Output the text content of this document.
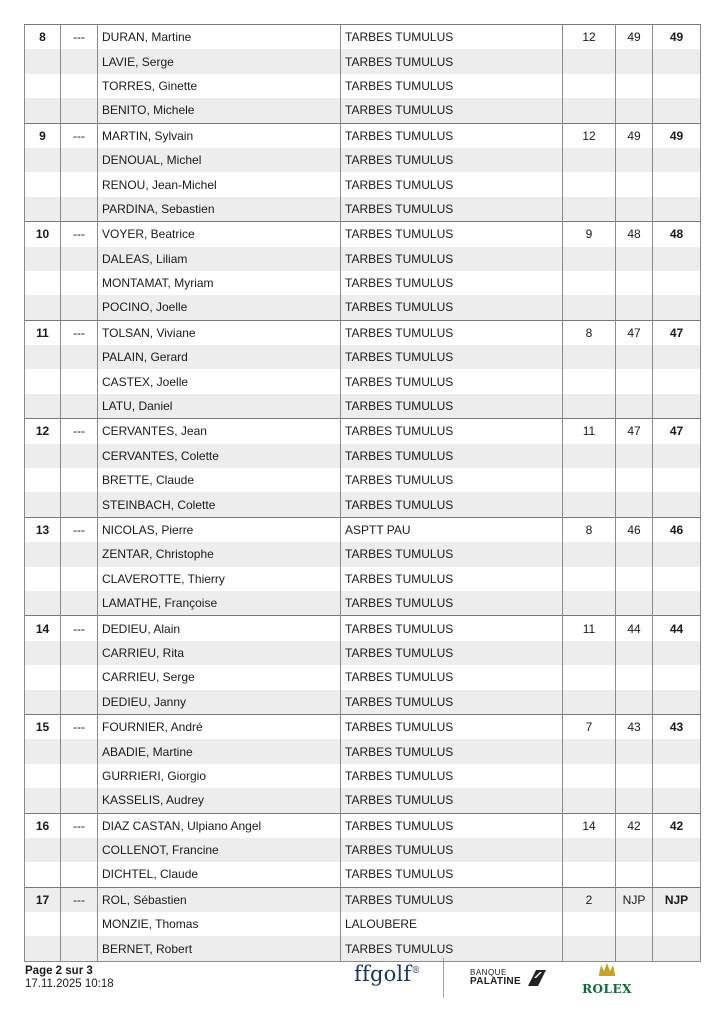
8	---	DURAN, Martine	TARBES TUMULUS	12	49	49
		LAVIE, Serge	TARBES TUMULUS			
		TORRES, Ginette	TARBES TUMULUS			
		BENITO, Michele	TARBES TUMULUS			
9	---	MARTIN, Sylvain	TARBES TUMULUS	12	49	49
		DENOUAL, Michel	TARBES TUMULUS			
		RENOU, Jean-Michel	TARBES TUMULUS			
		PARDINA, Sebastien	TARBES TUMULUS			
10	---	VOYER, Beatrice	TARBES TUMULUS	9	48	48
		DALEAS, Liliam	TARBES TUMULUS			
		MONTAMAT, Myriam	TARBES TUMULUS			
		POCINO, Joelle	TARBES TUMULUS			
11	---	TOLSAN, Viviane	TARBES TUMULUS	8	47	47
		PALAIN, Gerard	TARBES TUMULUS			
		CASTEX, Joelle	TARBES TUMULUS			
		LATU, Daniel	TARBES TUMULUS			
12	---	CERVANTES, Jean	TARBES TUMULUS	11	47	47
		CERVANTES, Colette	TARBES TUMULUS			
		BRETTE, Claude	TARBES TUMULUS			
		STEINBACH, Colette	TARBES TUMULUS			
13	---	NICOLAS, Pierre	ASPTT PAU	8	46	46
		ZENTAR, Christophe	TARBES TUMULUS			
		CLAVEROTTE, Thierry	TARBES TUMULUS			
		LAMATHE, Françoise	TARBES TUMULUS			
14	---	DEDIEU, Alain	TARBES TUMULUS	11	44	44
		CARRIEU, Rita	TARBES TUMULUS			
		CARRIEU, Serge	TARBES TUMULUS			
		DEDIEU, Janny	TARBES TUMULUS			
15	---	FOURNIER, André	TARBES TUMULUS	7	43	43
		ABADIE, Martine	TARBES TUMULUS			
		GURRIERI, Giorgio	TARBES TUMULUS			
		KASSELIS, Audrey	TARBES TUMULUS			
16	---	DIAZ CASTAN, Ulpiano Angel	TARBES TUMULUS	14	42	42
		COLLENOT, Francine	TARBES TUMULUS			
		DICHTEL, Claude	TARBES TUMULUS			
17	---	ROL, Sébastien	TARBES TUMULUS	2	NJP	NJP
		MONZIE, Thomas	LALOUBERE			
		BERNET, Robert	TARBES TUMULUS			
Page 2 sur 3
17.11.2025 10:18	ffgolf®	BANQUE
PALATINE
ROLEX
